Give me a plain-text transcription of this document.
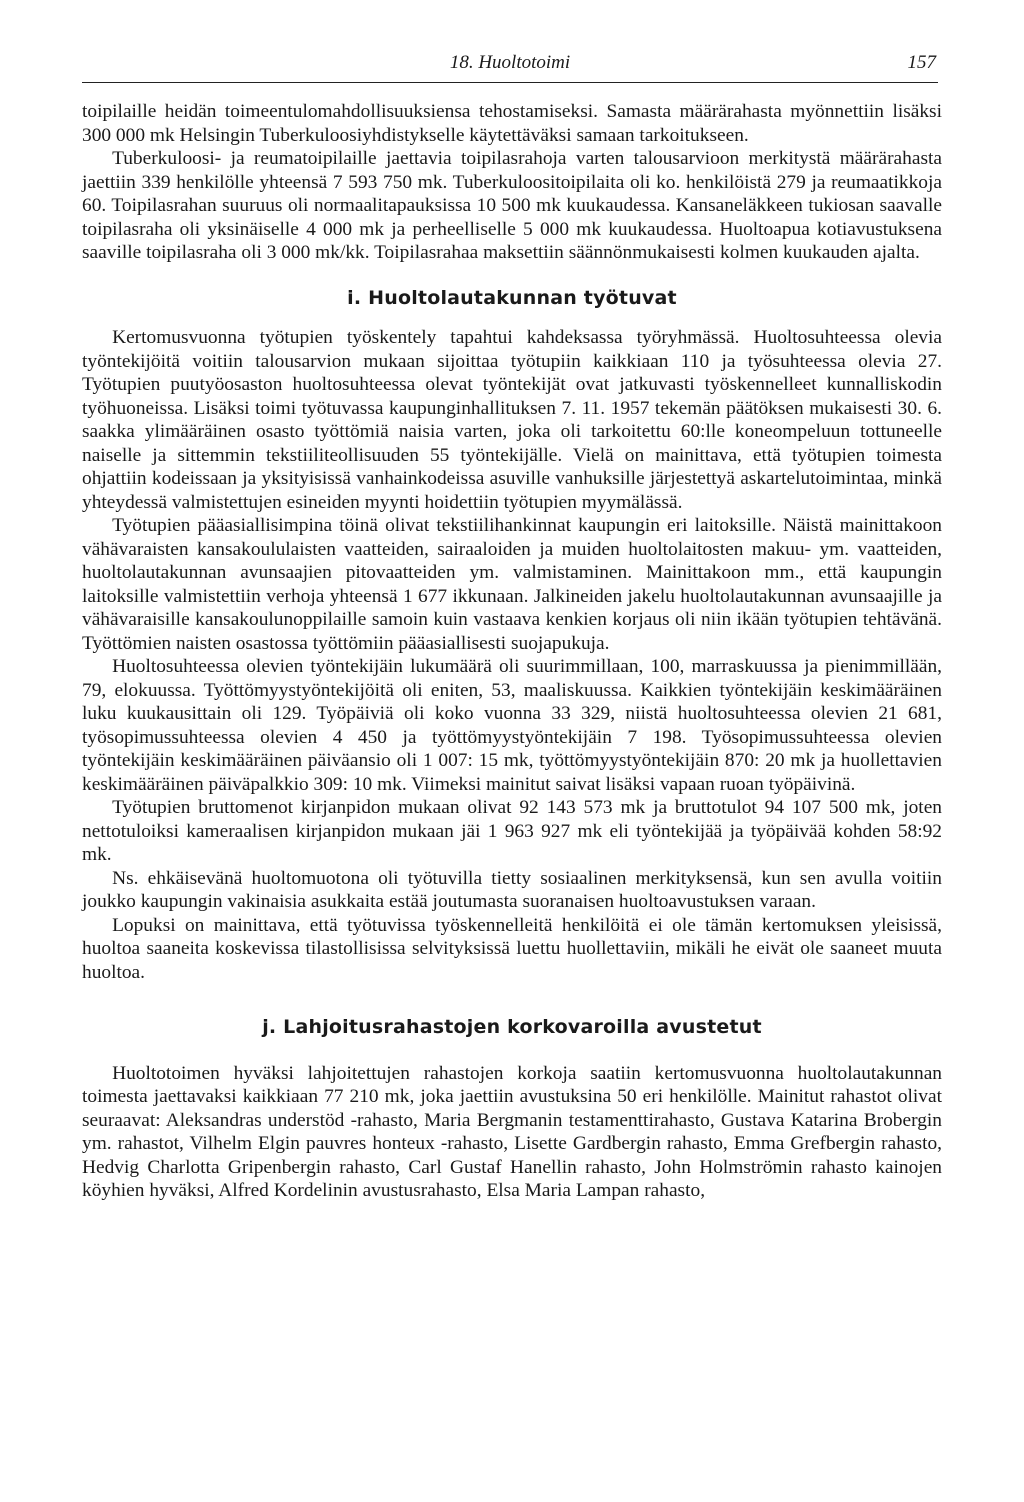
18. Huoltotoimi	157

toipilaille heidän toimeentulomahdollisuuksiensa tehostamiseksi. Samasta määrärahasta myönnettiin lisäksi 300 000 mk Helsingin Tuberkuloosiyhdistykselle käytettäväksi samaan tarkoitukseen.

Tuberkuloosi- ja reumatoipilaille jaettavia toipilasrahoja varten talousarvioon merkitystä määrärahasta jaettiin 339 henkilölle yhteensä 7 593 750 mk. Tuberkuloositoipilaita oli ko. henkilöistä 279 ja reumaatikkoja 60. Toipilasrahan suuruus oli normaalitapauksissa 10 500 mk kuukaudessa. Kansaneläkkeen tukiosan saavalle toipilasraha oli yksinäiselle 4 000 mk ja perheelliselle 5 000 mk kuukaudessa. Huoltoapua kotiavustuksena saaville toipilasraha oli 3 000 mk/kk. Toipilasrahaa maksettiin säännönmukaisesti kolmen kuukauden ajalta.

i. Huoltolautakunnan työtuvat

Kertomusvuonna työtupien työskentely tapahtui kahdeksassa työryhmässä. Huoltosuhteessa olevia työntekijöitä voitiin talousarvion mukaan sijoittaa työtupiin kaikkiaan 110 ja työsuhteessa olevia 27. Työtupien puutyöosaston huoltosuhteessa olevat työntekijät ovat jatkuvasti työskennelleet kunnalliskodin työhuoneissa. Lisäksi toimi työtuvassa kaupunginhallituksen 7. 11. 1957 tekemän päätöksen mukaisesti 30. 6. saakka ylimääräinen osasto työttömiä naisia varten, joka oli tarkoitettu 60:lle koneompeluun tottuneelle naiselle ja sittemmin tekstiiliteollisuuden 55 työntekijälle. Vielä on mainittava, että työtupien toimesta ohjattiin kodeissaan ja yksityisissä vanhainkodeissa asuville vanhuksille järjestettyä askartelutoimintaa, minkä yhteydessä valmistettujen esineiden myynti hoidettiin työtupien myymälässä.

Työtupien pääasiallisimpina töinä olivat tekstiilihankinnat kaupungin eri laitoksille. Näistä mainittakoon vähävaraisten kansakoululaisten vaatteiden, sairaaloiden ja muiden huoltolaitosten makuu- ym. vaatteiden, huoltolautakunnan avunsaajien pitovaatteiden ym. valmistaminen. Mainittakoon mm., että kaupungin laitoksille valmistettiin verhoja yhteensä 1 677 ikkunaan. Jalkineiden jakelu huoltolautakunnan avunsaajille ja vähävaraisille kansakoulunoppilaille samoin kuin vastaava kenkien korjaus oli niin ikään työtupien tehtävänä. Työttömien naisten osastossa työttömiin pääasiallisesti suojapukuja.

Huoltosuhteessa olevien työntekijäin lukumäärä oli suurimmillaan, 100, marraskuussa ja pienimmillään, 79, elokuussa. Työttömyystyöntekijöitä oli eniten, 53, maaliskuussa. Kaikkien työntekijäin keskimääräinen luku kuukausittain oli 129. Työpäiviä oli koko vuonna 33 329, niistä huoltosuhteessa olevien 21 681, työsopimussuhteessa olevien 4 450 ja työttömyystyöntekijäin 7 198. Työsopimussuhteessa olevien työntekijäin keskimääräinen päiväansio oli 1 007: 15 mk, työttömyystyöntekijäin 870: 20 mk ja huollettavien keskimääräinen päiväpalkkio 309: 10 mk. Viimeksi mainitut saivat lisäksi vapaan ruoan työpäivinä.

Työtupien bruttomenot kirjanpidon mukaan olivat 92 143 573 mk ja bruttotulot 94 107 500 mk, joten nettotuloiksi kameraalisen kirjanpidon mukaan jäi 1 963 927 mk eli työntekijää ja työpäivää kohden 58:92 mk.

Ns. ehkäisevänä huoltomuotona oli työtuvilla tietty sosiaalinen merkityksensä, kun sen avulla voitiin joukko kaupungin vakinaisia asukkaita estää joutumasta suoranaisen huoltoavustuksen varaan.

Lopuksi on mainittava, että työtuvissa työskennelleitä henkilöitä ei ole tämän kertomuksen yleisissä, huoltoa saaneita koskevissa tilastollisissa selvityksissä luettu huollettaviin, mikäli he eivät ole saaneet muuta huoltoa.

j. Lahjoitusrahastojen korkovaroilla avustetut

Huoltotoimen hyväksi lahjoitettujen rahastojen korkoja saatiin kertomusvuonna huoltolautakunnan toimesta jaettavaksi kaikkiaan 77 210 mk, joka jaettiin avustuksina 50 eri henkilölle. Mainitut rahastot olivat seuraavat: Aleksandras understöd -rahasto, Maria Bergmanin testamenttirahasto, Gustava Katarina Brobergin ym. rahastot, Vilhelm Elgin pauvres honteux -rahasto, Lisette Gardbergin rahasto, Emma Grefbergin rahasto, Hedvig Charlotta Gripenbergin rahasto, Carl Gustaf Hanellin rahasto, John Holmströmin rahasto kainojen köyhien hyväksi, Alfred Kordelinin avustusrahasto, Elsa Maria Lampan rahasto,
